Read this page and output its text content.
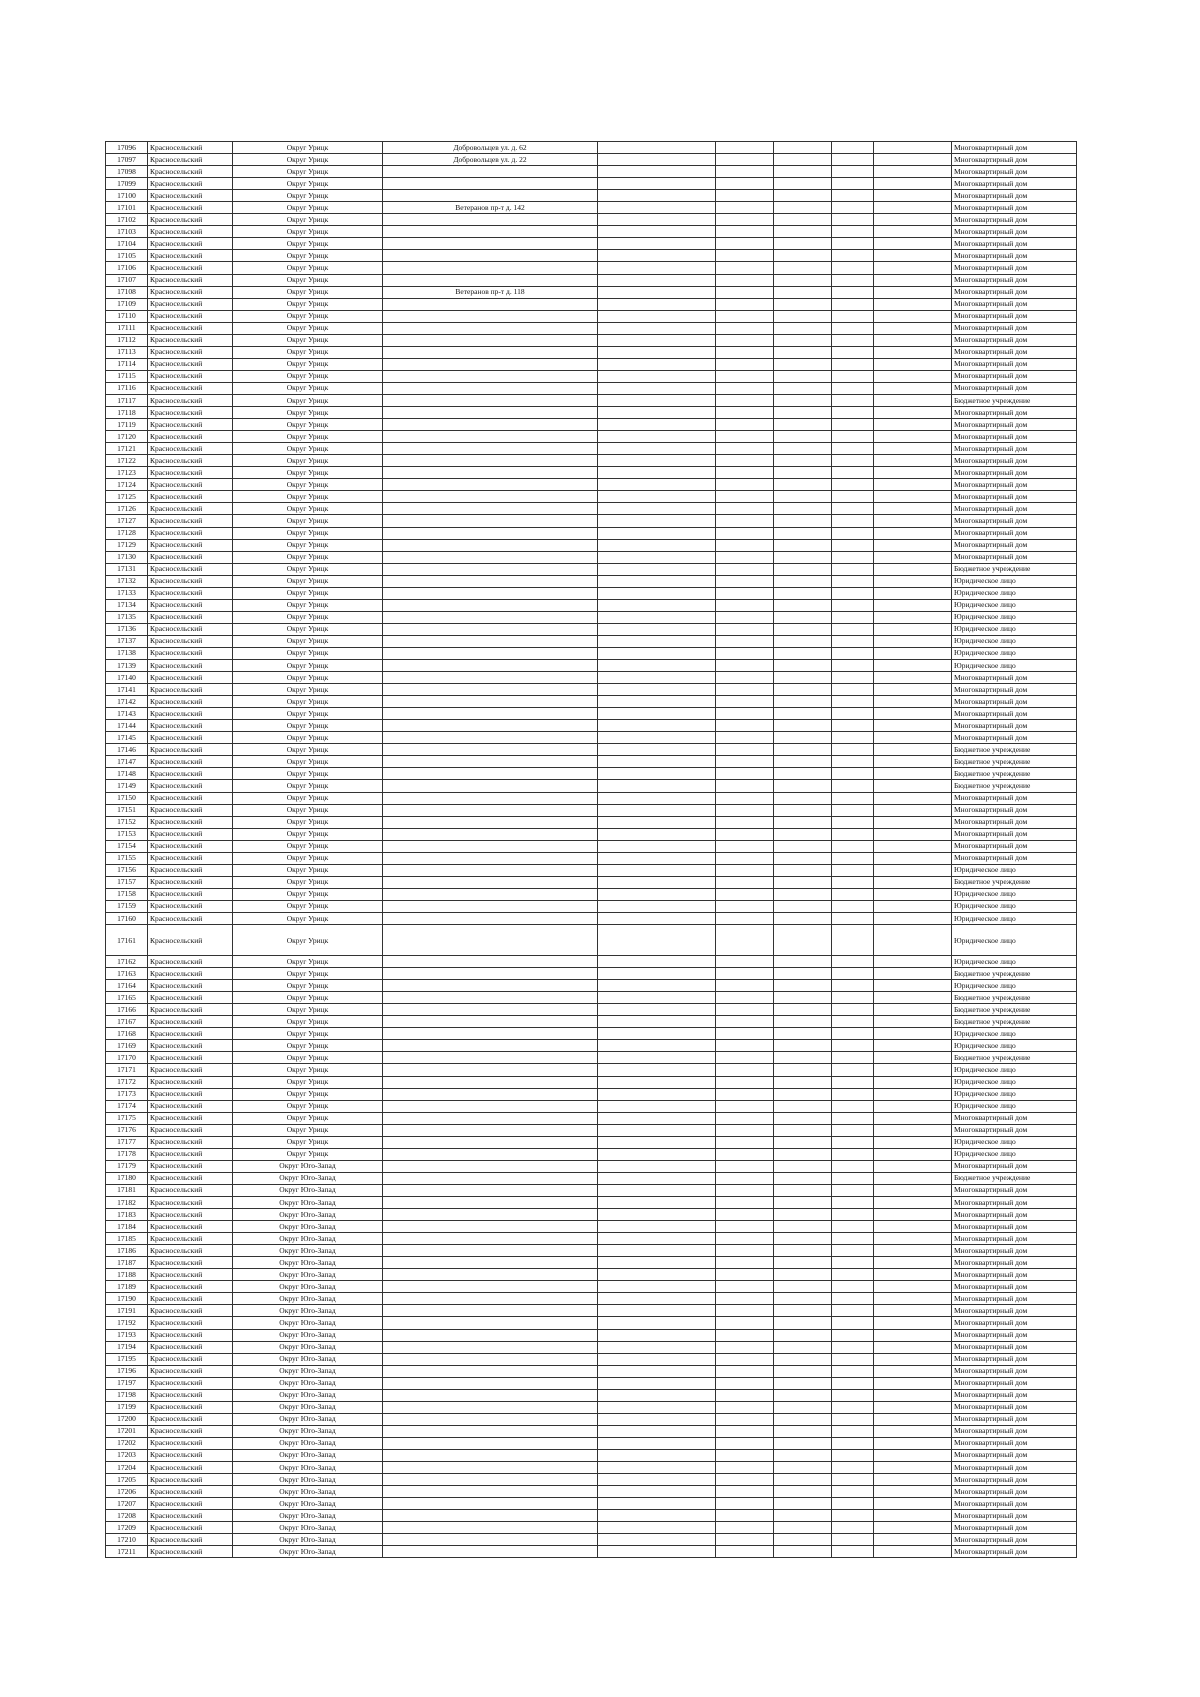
17096	Красносельский	Округ Урицк	Добровольцев ул. д. 62						Многоквартирный дом
17097	Красносельский	Округ Урицк	Добровольцев ул. д. 22						Многоквартирный дом
17098	Красносельский	Округ Урицк							Многоквартирный дом
17099	Красносельский	Округ Урицк							Многоквартирный дом
17100	Красносельский	Округ Урицк							Многоквартирный дом
17101	Красносельский	Округ Урицк	Ветеранов пр-т д. 142						Многоквартирный дом
17102	Красносельский	Округ Урицк							Многоквартирный дом
17103	Красносельский	Округ Урицк							Многоквартирный дом
17104	Красносельский	Округ Урицк							Многоквартирный дом
17105	Красносельский	Округ Урицк							Многоквартирный дом
17106	Красносельский	Округ Урицк							Многоквартирный дом
17107	Красносельский	Округ Урицк							Многоквартирный дом
17108	Красносельский	Округ Урицк	Ветеранов пр-т д. 118						Многоквартирный дом
17109	Красносельский	Округ Урицк							Многоквартирный дом
17110	Красносельский	Округ Урицк							Многоквартирный дом
17111	Красносельский	Округ Урицк							Многоквартирный дом
17112	Красносельский	Округ Урицк							Многоквартирный дом
17113	Красносельский	Округ Урицк							Многоквартирный дом
17114	Красносельский	Округ Урицк							Многоквартирный дом
17115	Красносельский	Округ Урицк							Многоквартирный дом
17116	Красносельский	Округ Урицк							Многоквартирный дом
17117	Красносельский	Округ Урицк							Бюджетное учреждение
17118	Красносельский	Округ Урицк							Многоквартирный дом
17119	Красносельский	Округ Урицк							Многоквартирный дом
17120	Красносельский	Округ Урицк							Многоквартирный дом
17121	Красносельский	Округ Урицк							Многоквартирный дом
17122	Красносельский	Округ Урицк							Многоквартирный дом
17123	Красносельский	Округ Урицк							Многоквартирный дом
17124	Красносельский	Округ Урицк							Многоквартирный дом
17125	Красносельский	Округ Урицк							Многоквартирный дом
17126	Красносельский	Округ Урицк							Многоквартирный дом
17127	Красносельский	Округ Урицк							Многоквартирный дом
17128	Красносельский	Округ Урицк							Многоквартирный дом
17129	Красносельский	Округ Урицк							Многоквартирный дом
17130	Красносельский	Округ Урицк							Многоквартирный дом
17131	Красносельский	Округ Урицк							Бюджетное учреждение
17132	Красносельский	Округ Урицк							Юридическое лицо
17133	Красносельский	Округ Урицк							Юридическое лицо
17134	Красносельский	Округ Урицк							Юридическое лицо
17135	Красносельский	Округ Урицк							Юридическое лицо
17136	Красносельский	Округ Урицк							Юридическое лицо
17137	Красносельский	Округ Урицк							Юридическое лицо
17138	Красносельский	Округ Урицк							Юридическое лицо
17139	Красносельский	Округ Урицк							Юридическое лицо
17140	Красносельский	Округ Урицк							Многоквартирный дом
17141	Красносельский	Округ Урицк							Многоквартирный дом
17142	Красносельский	Округ Урицк							Многоквартирный дом
17143	Красносельский	Округ Урицк							Многоквартирный дом
17144	Красносельский	Округ Урицк							Многоквартирный дом
17145	Красносельский	Округ Урицк							Многоквартирный дом
17146	Красносельский	Округ Урицк							Бюджетное учреждение
17147	Красносельский	Округ Урицк							Бюджетное учреждение
17148	Красносельский	Округ Урицк							Бюджетное учреждение
17149	Красносельский	Округ Урицк							Бюджетное учреждение
17150	Красносельский	Округ Урицк							Многоквартирный дом
17151	Красносельский	Округ Урицк							Многоквартирный дом
17152	Красносельский	Округ Урицк							Многоквартирный дом
17153	Красносельский	Округ Урицк							Многоквартирный дом
17154	Красносельский	Округ Урицк							Многоквартирный дом
17155	Красносельский	Округ Урицк							Многоквартирный дом
17156	Красносельский	Округ Урицк							Юридическое лицо
17157	Красносельский	Округ Урицк							Бюджетное учреждение
17158	Красносельский	Округ Урицк							Юридическое лицо
17159	Красносельский	Округ Урицк							Юридическое лицо
17160	Красносельский	Округ Урицк							Юридическое лицо
17161	Красносельский	Округ Урицк							Юридическое лицо
17162	Красносельский	Округ Урицк							Юридическое лицо
17163	Красносельский	Округ Урицк							Бюджетное учреждение
17164	Красносельский	Округ Урицк							Юридическое лицо
17165	Красносельский	Округ Урицк							Бюджетное учреждение
17166	Красносельский	Округ Урицк							Бюджетное учреждение
17167	Красносельский	Округ Урицк							Бюджетное учреждение
17168	Красносельский	Округ Урицк							Юридическое лицо
17169	Красносельский	Округ Урицк							Юридическое лицо
17170	Красносельский	Округ Урицк							Бюджетное учреждение
17171	Красносельский	Округ Урицк							Юридическое лицо
17172	Красносельский	Округ Урицк							Юридическое лицо
17173	Красносельский	Округ Урицк							Юридическое лицо
17174	Красносельский	Округ Урицк							Юридическое лицо
17175	Красносельский	Округ Урицк							Многоквартирный дом
17176	Красносельский	Округ Урицк							Многоквартирный дом
17177	Красносельский	Округ Урицк							Юридическое лицо
17178	Красносельский	Округ Урицк							Юридическое лицо
17179	Красносельский	Округ Юго-Запад							Многоквартирный дом
17180	Красносельский	Округ Юго-Запад							Бюджетное учреждение
17181	Красносельский	Округ Юго-Запад							Многоквартирный дом
17182	Красносельский	Округ Юго-Запад							Многоквартирный дом
17183	Красносельский	Округ Юго-Запад							Многоквартирный дом
17184	Красносельский	Округ Юго-Запад							Многоквартирный дом
17185	Красносельский	Округ Юго-Запад							Многоквартирный дом
17186	Красносельский	Округ Юго-Запад							Многоквартирный дом
17187	Красносельский	Округ Юго-Запад							Многоквартирный дом
17188	Красносельский	Округ Юго-Запад							Многоквартирный дом
17189	Красносельский	Округ Юго-Запад							Многоквартирный дом
17190	Красносельский	Округ Юго-Запад							Многоквартирный дом
17191	Красносельский	Округ Юго-Запад							Многоквартирный дом
17192	Красносельский	Округ Юго-Запад							Многоквартирный дом
17193	Красносельский	Округ Юго-Запад							Многоквартирный дом
17194	Красносельский	Округ Юго-Запад							Многоквартирный дом
17195	Красносельский	Округ Юго-Запад							Многоквартирный дом
17196	Красносельский	Округ Юго-Запад							Многоквартирный дом
17197	Красносельский	Округ Юго-Запад							Многоквартирный дом
17198	Красносельский	Округ Юго-Запад							Многоквартирный дом
17199	Красносельский	Округ Юго-Запад							Многоквартирный дом
17200	Красносельский	Округ Юго-Запад							Многоквартирный дом
17201	Красносельский	Округ Юго-Запад							Многоквартирный дом
17202	Красносельский	Округ Юго-Запад							Многоквартирный дом
17203	Красносельский	Округ Юго-Запад							Многоквартирный дом
17204	Красносельский	Округ Юго-Запад							Многоквартирный дом
17205	Красносельский	Округ Юго-Запад							Многоквартирный дом
17206	Красносельский	Округ Юго-Запад							Многоквартирный дом
17207	Красносельский	Округ Юго-Запад							Многоквартирный дом
17208	Красносельский	Округ Юго-Запад							Многоквартирный дом
17209	Красносельский	Округ Юго-Запад							Многоквартирный дом
17210	Красносельский	Округ Юго-Запад							Многоквартирный дом
17211	Красносельский	Округ Юго-Запад							Многоквартирный дом
